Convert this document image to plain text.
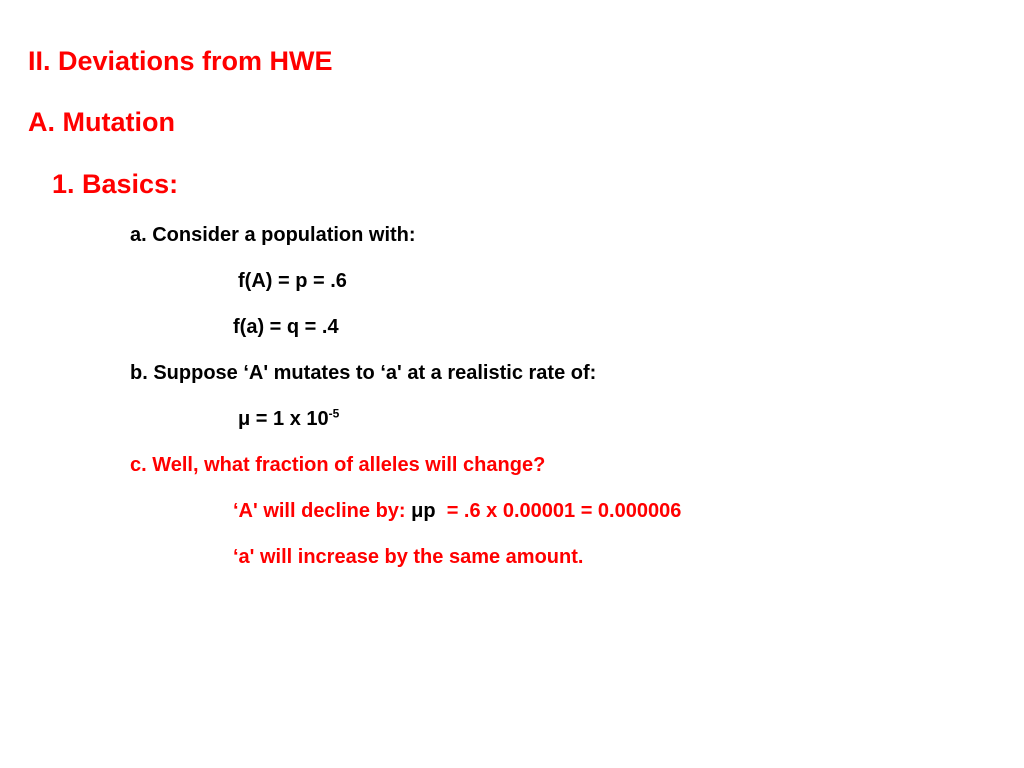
II. Deviations from HWE
A. Mutation
1. Basics:
a. Consider a population with:
f(A) = p = .6
f(a) = q = .4
b. Suppose ‘A' mutates to ‘a' at a realistic rate of:
μ = 1 x $10^{-5}$
c. Well, what fraction of alleles will change?
‘A' will decline by: μp  = .6 x 0.00001 = 0.000006
‘a' will increase by the same amount.
